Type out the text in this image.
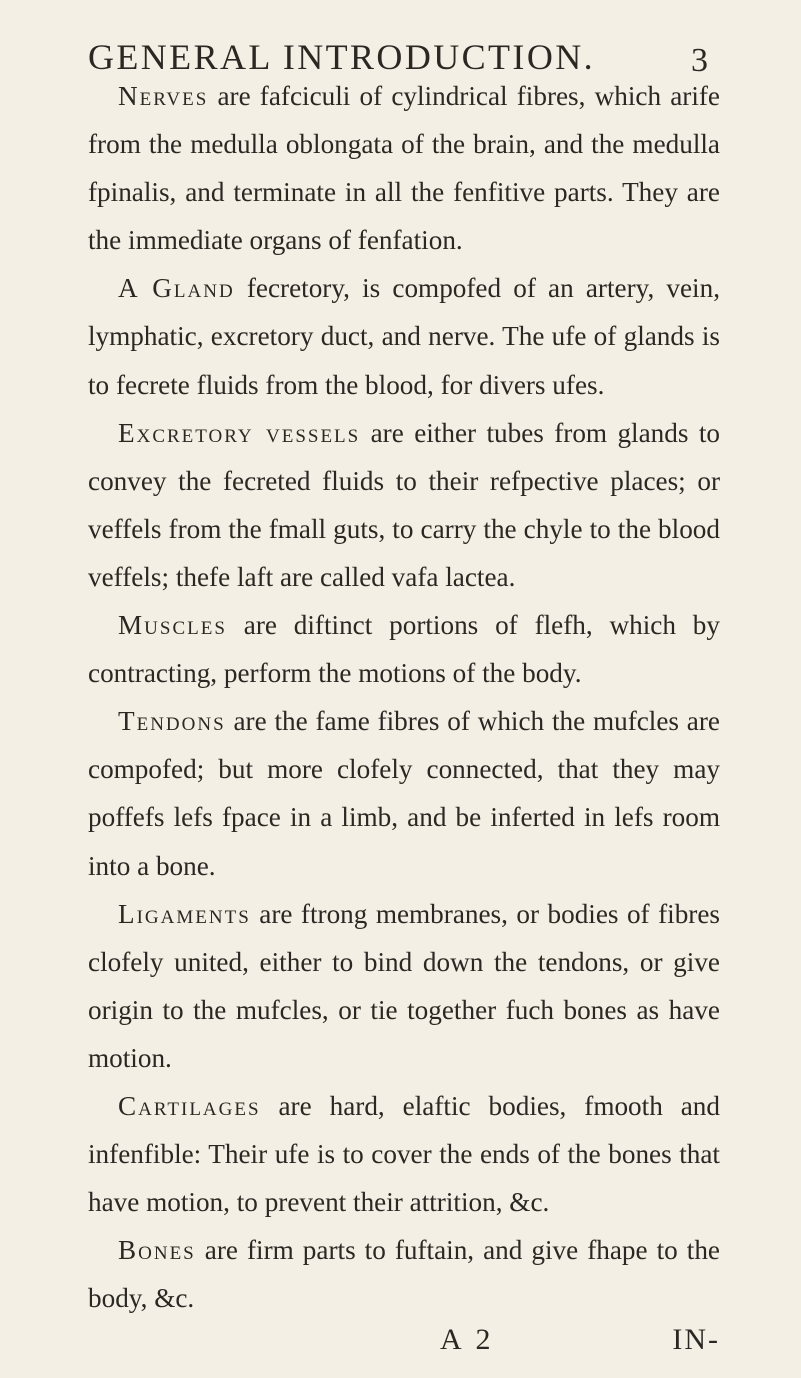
GENERAL INTRODUCTION.	3

Nerves are fafciculi of cylindrical fibres, which arife from the medulla oblongata of the brain, and the medulla fpinalis, and terminate in all the fenfitive parts. They are the immediate organs of fenfation.

A Gland fecretory, is compofed of an artery, vein, lymphatic, excretory duct, and nerve. The ufe of glands is to fecrete fluids from the blood, for divers ufes.

Excretory vessels are either tubes from glands to convey the fecreted fluids to their refpective places; or veffels from the fmall guts, to carry the chyle to the blood veffels; thefe laft are called vafa lactea.

Muscles are diftinct portions of flefh, which by contracting, perform the motions of the body.

Tendons are the fame fibres of which the mufcles are compofed; but more clofely connected, that they may poffefs lefs fpace in a limb, and be inferted in lefs room into a bone.

Ligaments are ftrong membranes, or bodies of fibres clofely united, either to bind down the tendons, or give origin to the mufcles, or tie together fuch bones as have motion.

Cartilages are hard, elaftic bodies, fmooth and infenfible: Their ufe is to cover the ends of the bones that have motion, to prevent their attrition, &c.

Bones are firm parts to fuftain, and give fhape to the body, &c.

A 2	IN-
